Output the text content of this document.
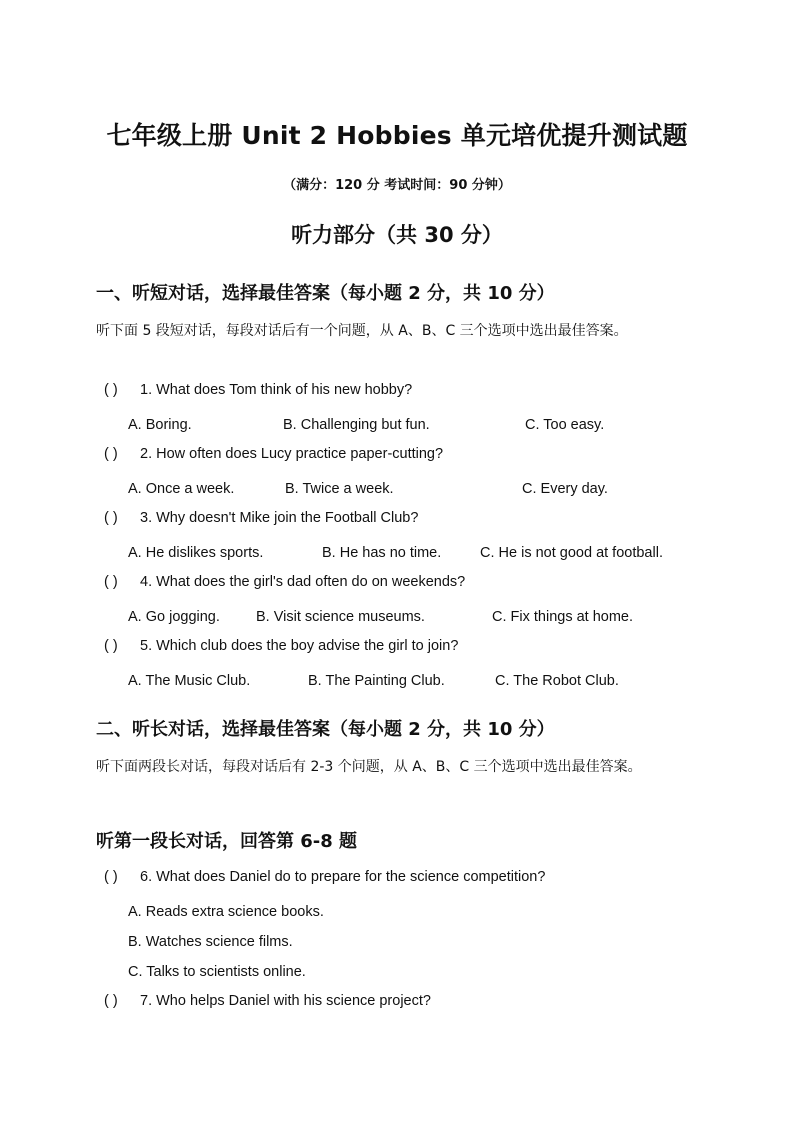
七年级上册 Unit 2 Hobbies 单元培优提升测试题
（满分：120 分 考试时间：90 分钟）
听力部分（共 30 分）
一、听短对话，选择最佳答案（每小题 2 分，共 10 分）
听下面 5 段短对话，每段对话后有一个问题，从 A、B、C 三个选项中选出最佳答案。
( ) 1. What does Tom think of his new hobby?
A. Boring.	B. Challenging but fun.	C. Too easy.
( ) 2. How often does Lucy practice paper-cutting?
A. Once a week.	B. Twice a week.	C. Every day.
( ) 3. Why doesn't Mike join the Football Club?
A. He dislikes sports.	B. He has no time.	C. He is not good at football.
( ) 4. What does the girl's dad often do on weekends?
A. Go jogging. B. Visit science museums.	C. Fix things at home.
( ) 5. Which club does the boy advise the girl to join?
A. The Music Club.	B. The Painting Club.	C. The Robot Club.
二、听长对话，选择最佳答案（每小题 2 分，共 10 分）
听下面两段长对话，每段对话后有 2-3 个问题，从 A、B、C 三个选项中选出最佳答案。
听第一段长对话，回答第 6-8 题
( ) 6. What does Daniel do to prepare for the science competition?
A. Reads extra science books.
B. Watches science films.
C. Talks to scientists online.
( ) 7. Who helps Daniel with his science project?
